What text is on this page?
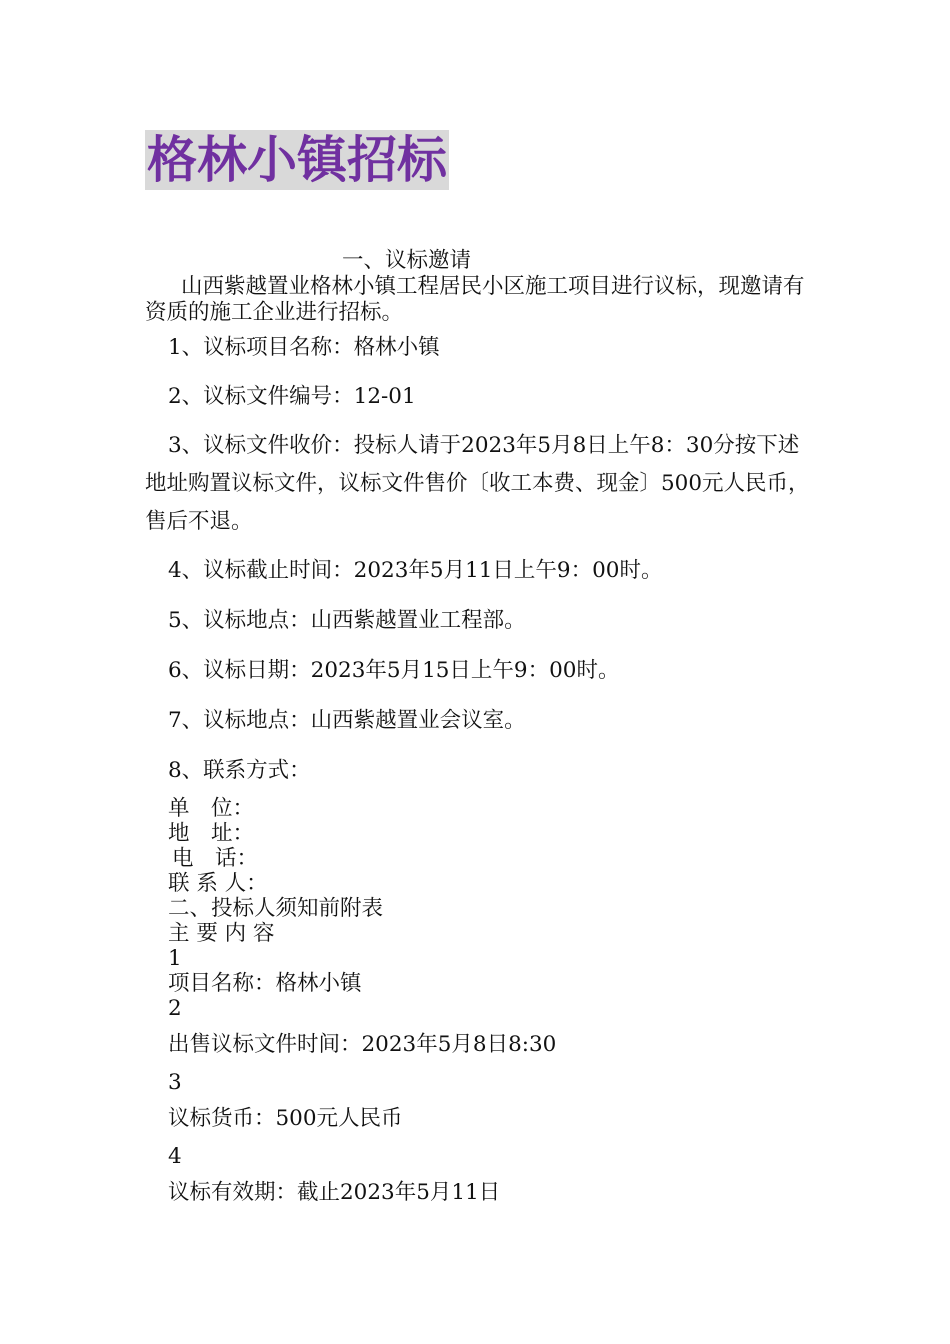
格林小镇招标
一、议标邀请
山西紫越置业格林小镇工程居民小区施工项目进行议标，现邀请有资质的施工企业进行招标。
1、议标项目名称：格林小镇
2、议标文件编号：12-01
3、议标文件收价：投标人请于2023年5月8日上午8：30分按下述地址购置议标文件，议标文件售价〔收工本费、现金〕500元人民币，售后不退。
4、议标截止时间：2023年5月11日上午9：00时。
5、议标地点：山西紫越置业工程部。
6、议标日期：2023年5月15日上午9：00时。
7、议标地点：山西紫越置业会议室。
8、联系方式：
单　位：
地　址：
电　话：
联 系 人：
二、投标人须知前附表
主 要 内 容
1
项目名称：格林小镇
2
出售议标文件时间：2023年5月8日8:30
3
议标货币：500元人民币
4
议标有效期：截止2023年5月11日
